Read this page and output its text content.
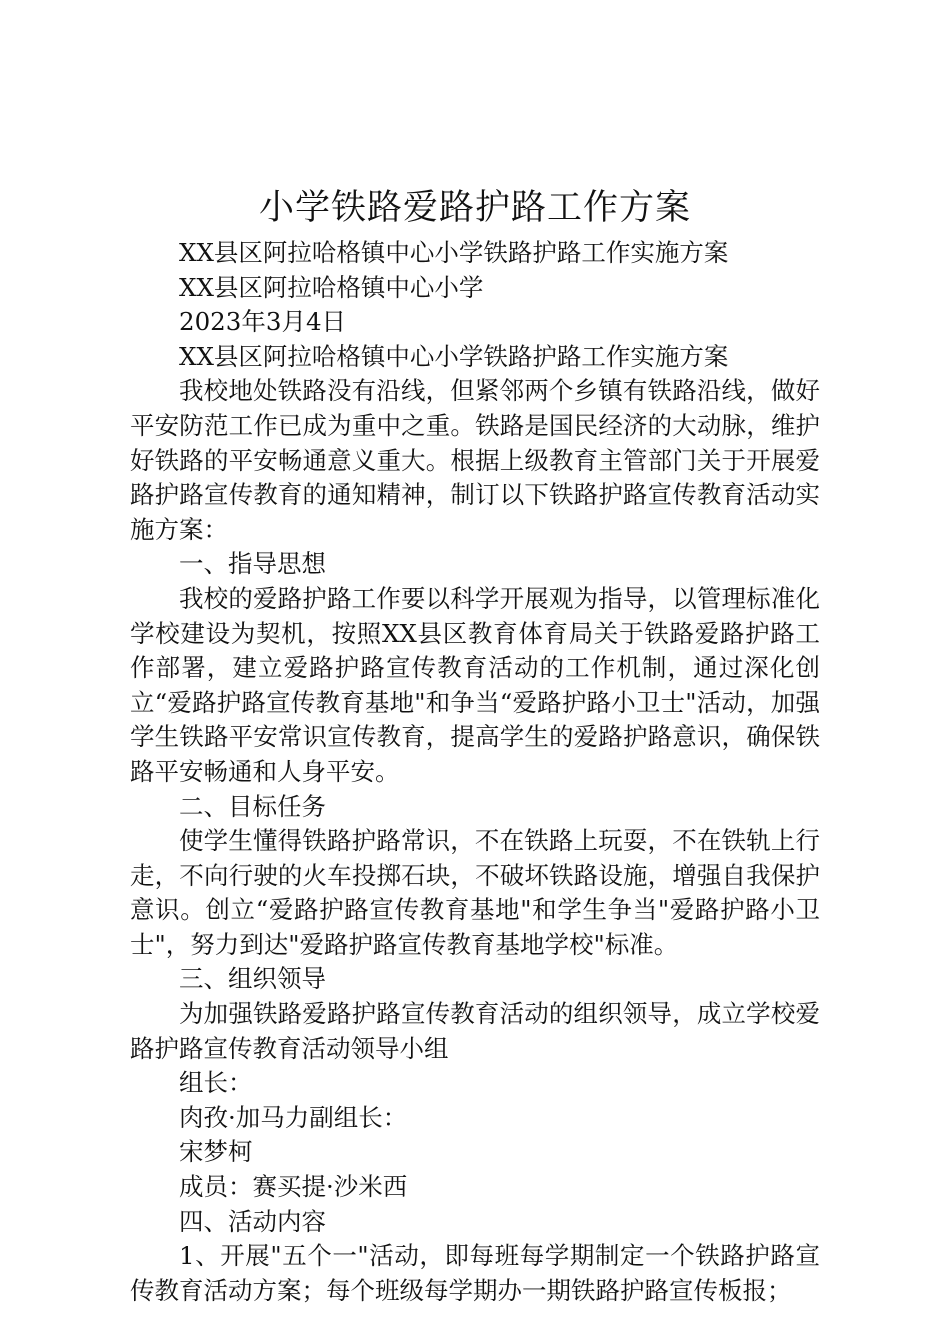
小学铁路爱路护路工作方案

XX县区阿拉哈格镇中心小学铁路护路工作实施方案

XX县区阿拉哈格镇中心小学

2023年3月4日

XX县区阿拉哈格镇中心小学铁路护路工作实施方案

我校地处铁路没有沿线，但紧邻两个乡镇有铁路沿线，做好平安防范工作已成为重中之重。铁路是国民经济的大动脉，维护好铁路的平安畅通意义重大。根据上级教育主管部门关于开展爱路护路宣传教育的通知精神，制订以下铁路护路宣传教育活动实施方案：

一、指导思想

我校的爱路护路工作要以科学开展观为指导，以管理标准化学校建设为契机，按照XX县区教育体育局关于铁路爱路护路工作部署，建立爱路护路宣传教育活动的工作机制，通过深化创立“爱路护路宣传教育基地"和争当“爱路护路小卫士"活动，加强学生铁路平安常识宣传教育，提高学生的爱路护路意识，确保铁路平安畅通和人身平安。

二、目标任务

使学生懂得铁路护路常识，不在铁路上玩耍，不在铁轨上行走，不向行驶的火车投掷石块，不破坏铁路设施，增强自我保护意识。创立“爱路护路宣传教育基地"和学生争当"爱路护路小卫士"，努力到达"爱路护路宣传教育基地学校"标准。

三、组织领导

为加强铁路爱路护路宣传教育活动的组织领导，成立学校爱路护路宣传教育活动领导小组

组长：

肉孜·加马力副组长：

宋梦柯

成员：赛买提·沙米西

四、活动内容

1、开展"五个一"活动，即每班每学期制定一个铁路护路宣传教育活动方案；每个班级每学期办一期铁路护路宣传板报；
